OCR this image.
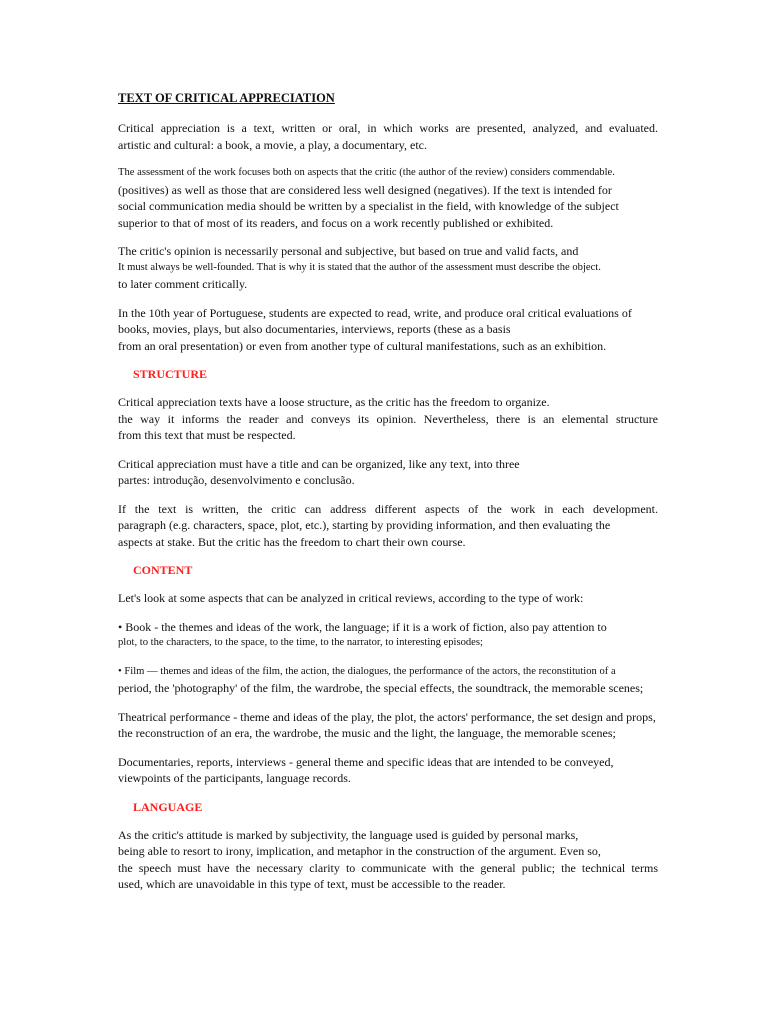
TEXT OF CRITICAL APPRECIATION

Critical appreciation is a text, written or oral, in which works are presented, analyzed, and evaluated.
artistic and cultural: a book, a movie, a play, a documentary, etc.

The assessment of the work focuses both on aspects that the critic (the author of the review) considers commendable.
(positives) as well as those that are considered less well designed (negatives). If the text is intended for
social communication media should be written by a specialist in the field, with knowledge of the subject
superior to that of most of its readers, and focus on a work recently published or exhibited.

The critic's opinion is necessarily personal and subjective, but based on true and valid facts, and
It must always be well-founded. That is why it is stated that the author of the assessment must describe the object.
to later comment critically.

In the 10th year of Portuguese, students are expected to read, write, and produce oral critical evaluations of
books, movies, plays, but also documentaries, interviews, reports (these as a basis
from an oral presentation) or even from another type of cultural manifestations, such as an exhibition.

STRUCTURE

Critical appreciation texts have a loose structure, as the critic has the freedom to organize.
the way it informs the reader and conveys its opinion. Nevertheless, there is an elemental structure
from this text that must be respected.

Critical appreciation must have a title and can be organized, like any text, into three
partes: introdução, desenvolvimento e conclusão.

If the text is written, the critic can address different aspects of the work in each development.
paragraph (e.g. characters, space, plot, etc.), starting by providing information, and then evaluating the
aspects at stake. But the critic has the freedom to chart their own course.

CONTENT

Let's look at some aspects that can be analyzed in critical reviews, according to the type of work:

• Book - the themes and ideas of the work, the language; if it is a work of fiction, also pay attention to
plot, to the characters, to the space, to the time, to the narrator, to interesting episodes;

• Film — themes and ideas of the film, the action, the dialogues, the performance of the actors, the reconstitution of a
period, the 'photography' of the film, the wardrobe, the special effects, the soundtrack, the memorable scenes;

Theatrical performance - theme and ideas of the play, the plot, the actors' performance, the set design and props,
the reconstruction of an era, the wardrobe, the music and the light, the language, the memorable scenes;

Documentaries, reports, interviews - general theme and specific ideas that are intended to be conveyed,
viewpoints of the participants, language records.

LANGUAGE

As the critic's attitude is marked by subjectivity, the language used is guided by personal marks,
being able to resort to irony, implication, and metaphor in the construction of the argument. Even so,
the speech must have the necessary clarity to communicate with the general public; the technical terms
used, which are unavoidable in this type of text, must be accessible to the reader.
